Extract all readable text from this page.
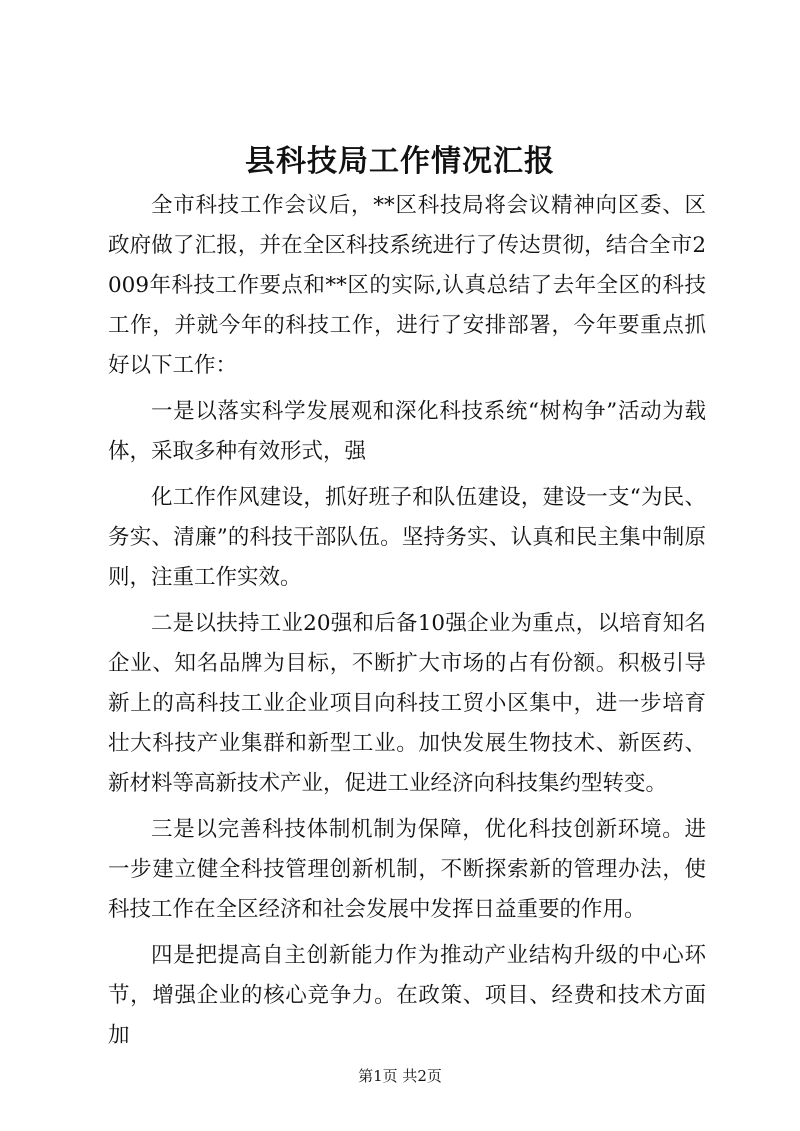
县科技局工作情况汇报

全市科技工作会议后，**区科技局将会议精神向区委、区政府做了汇报，并在全区科技系统进行了传达贯彻，结合全市2009年科技工作要点和**区的实际,认真总结了去年全区的科技工作，并就今年的科技工作，进行了安排部署，今年要重点抓好以下工作：

一是以落实科学发展观和深化科技系统“树构争”活动为载体，采取多种有效形式，强

化工作作风建设，抓好班子和队伍建设，建设一支“为民、务实、清廉”的科技干部队伍。坚持务实、认真和民主集中制原则，注重工作实效。

二是以扶持工业20强和后备10强企业为重点，以培育知名企业、知名品牌为目标，不断扩大市场的占有份额。积极引导新上的高科技工业企业项目向科技工贸小区集中，进一步培育壮大科技产业集群和新型工业。加快发展生物技术、新医药、新材料等高新技术产业，促进工业经济向科技集约型转变。

三是以完善科技体制机制为保障，优化科技创新环境。进一步建立健全科技管理创新机制，不断探索新的管理办法，使科技工作在全区经济和社会发展中发挥日益重要的作用。

四是把提高自主创新能力作为推动产业结构升级的中心环节，增强企业的核心竞争力。在政策、项目、经费和技术方面加

第1页 共2页
